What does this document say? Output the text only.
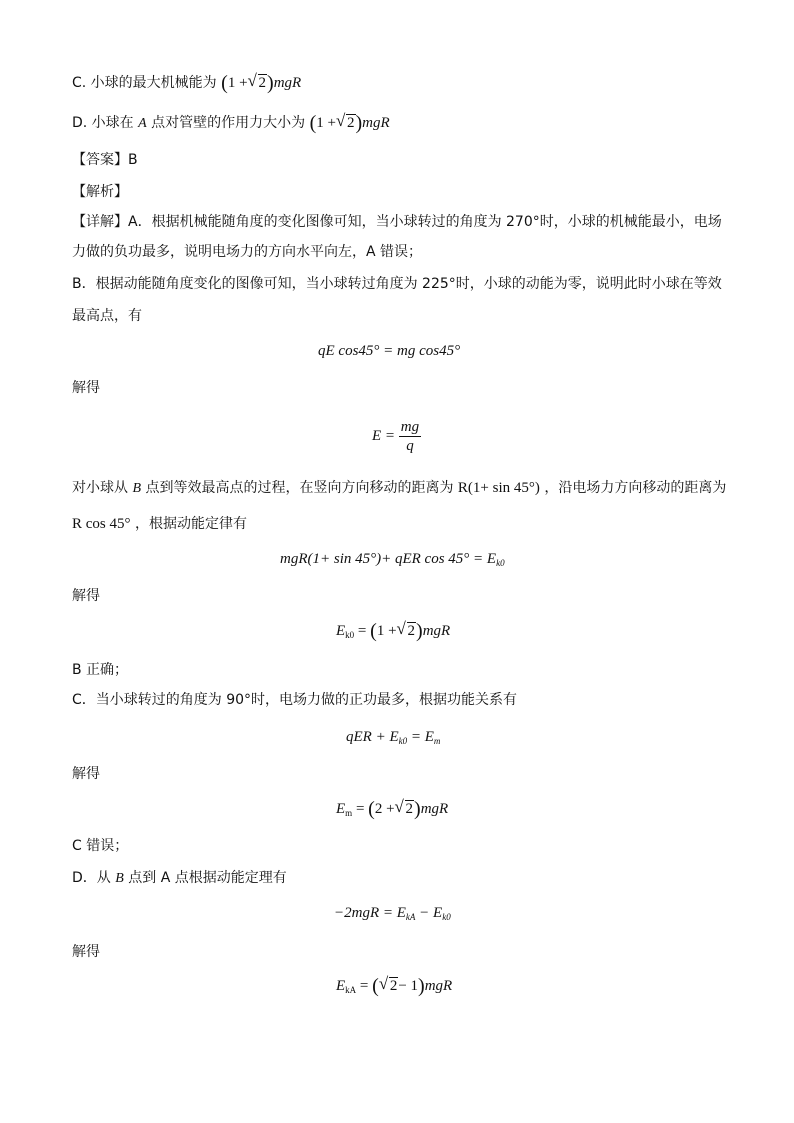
C. 小球的最大机械能为 (1 + √ 2)mgR
D. 小球在 A 点对管壁的作用力大小为 (1 + √ 2)mgR
【答案】B
【解析】
【详解】A．根据机械能随角度的变化图像可知，当小球转过的角度为 270°时，小球的机械能最小，电场
力做的负功最多，说明电场力的方向水平向左，A 错误；
B．根据动能随角度变化的图像可知，当小球转过角度为 225°时，小球的动能为零，说明此时小球在等效
最高点，有
qE cos45° = mg cos45°
解得
$E = \frac{mg}{q}$
对小球从 B 点到等效最高点的过程，在竖向方向移动的距离为 R(1+ sin 45°) ，沿电场力方向移动的距离为
R cos 45° ，根据动能定律有
mgR(1+ sin 45°)+ qER $\cos 45^\circ = E_{k0}$
解得
$E_{k0} = (1$ + √ 2)mgR
B 正确；
C．当小球转过的角度为 90°时，电场力做的正功最多，根据功能关系有
qER + $E_{k0} = E_m$
解得
$E_m = (2$ + √ 2)mgR
C 错误；
D．从 B 点到 A 点根据动能定理有
$-2mgR = E_{kA} - E_{k0}$
解得
$E_{kA}$ = ( √ 2− 1)mgR
